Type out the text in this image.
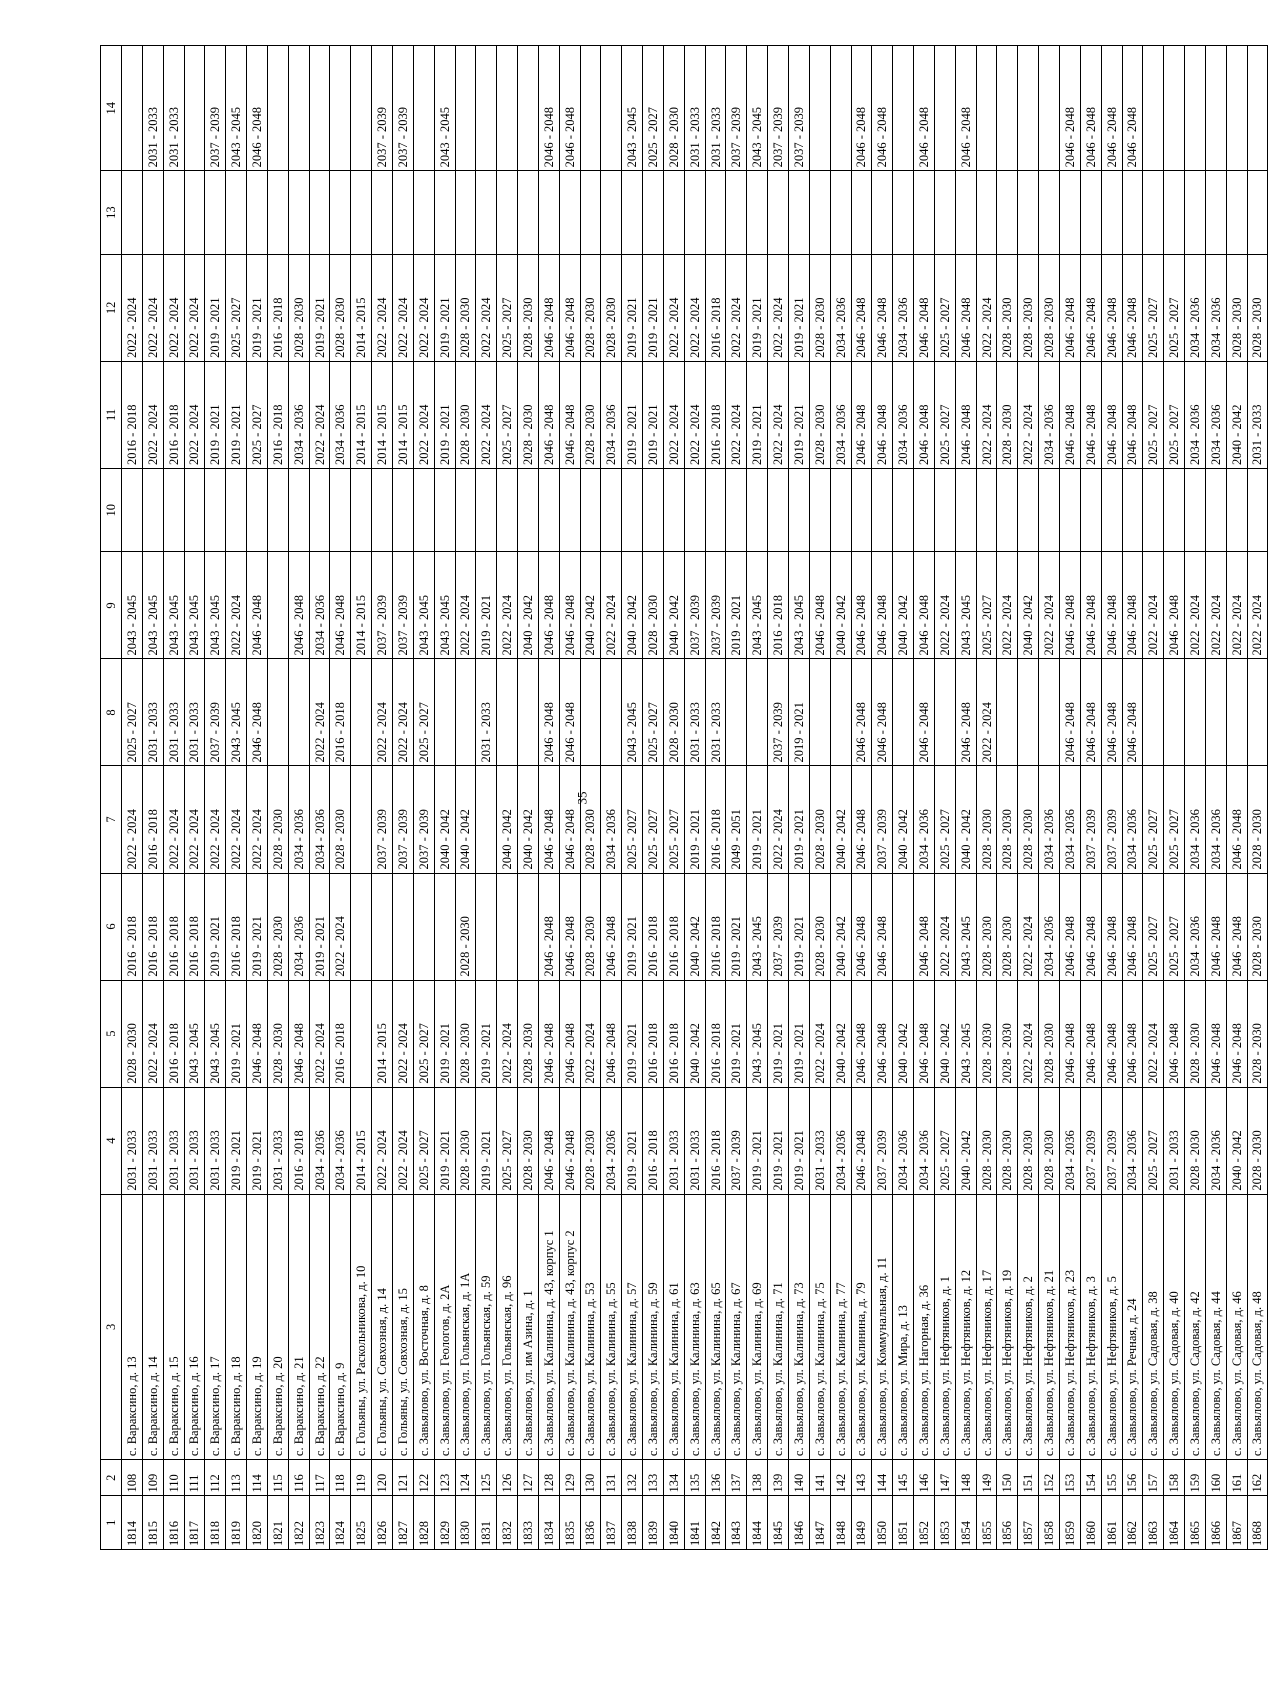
35
1	2	3	4	5	6	7	8	9	10	11	12	13	14
1814	108	с. Вараксино, д. 13	2031 - 2033	2028 - 2030	2016 - 2018	2022 - 2024	2025 - 2027	2043 - 2045		2016 - 2018	2022 - 2024		
1815	109	с. Вараксино, д. 14	2031 - 2033	2022 - 2024	2016 - 2018	2016 - 2018	2031 - 2033	2043 - 2045		2022 - 2024	2022 - 2024		2031 - 2033
1816	110	с. Вараксино, д. 15	2031 - 2033	2016 - 2018	2016 - 2018	2022 - 2024	2031 - 2033	2043 - 2045		2016 - 2018	2022 - 2024		2031 - 2033
1817	111	с. Вараксино, д. 16	2031 - 2033	2043 - 2045	2016 - 2018	2022 - 2024	2031 - 2033	2043 - 2045		2022 - 2024	2022 - 2024		
1818	112	с. Вараксино, д. 17	2031 - 2033	2043 - 2045	2019 - 2021	2022 - 2024	2037 - 2039	2043 - 2045		2019 - 2021	2019 - 2021		2037 - 2039
1819	113	с. Вараксино, д. 18	2019 - 2021	2019 - 2021	2016 - 2018	2022 - 2024	2043 - 2045	2022 - 2024		2019 - 2021	2025 - 2027		2043 - 2045
1820	114	с. Вараксино, д. 19	2019 - 2021	2046 - 2048	2019 - 2021	2022 - 2024	2046 - 2048	2046 - 2048		2025 - 2027	2019 - 2021		2046 - 2048
1821	115	с. Вараксино, д. 20	2031 - 2033	2028 - 2030	2028 - 2030	2028 - 2030				2016 - 2018	2016 - 2018		
1822	116	с. Вараксино, д. 21	2016 - 2018	2046 - 2048	2034 - 2036	2034 - 2036		2046 - 2048		2034 - 2036	2028 - 2030		
1823	117	с. Вараксино, д. 22	2034 - 2036	2022 - 2024	2019 - 2021	2034 - 2036	2022 - 2024	2034 - 2036		2022 - 2024	2019 - 2021		
1824	118	с. Вараксино, д. 9	2034 - 2036	2016 - 2018	2022 - 2024	2028 - 2030	2016 - 2018	2046 - 2048		2034 - 2036	2028 - 2030		
1825	119	с. Гольяны, ул. Раскольникова, д. 10	2014 - 2015					2014 - 2015		2014 - 2015	2014 - 2015		
1826	120	с. Гольяны, ул. Совхозная, д. 14	2022 - 2024	2014 - 2015		2037 - 2039	2022 - 2024	2037 - 2039		2014 - 2015	2022 - 2024		2037 - 2039
1827	121	с. Гольяны, ул. Совхозная, д. 15	2022 - 2024	2022 - 2024		2037 - 2039	2022 - 2024	2037 - 2039		2014 - 2015	2022 - 2024		2037 - 2039
1828	122	с. Завьялово, ул. Восточная, д. 8	2025 - 2027	2025 - 2027		2037 - 2039	2025 - 2027	2043 - 2045		2022 - 2024	2022 - 2024		
1829	123	с. Завьялово, ул. Геологов, д. 2А	2019 - 2021	2019 - 2021		2040 - 2042		2043 - 2045		2019 - 2021	2019 - 2021		2043 - 2045
1830	124	с. Завьялово, ул. Гольянская, д. 1А	2028 - 2030	2028 - 2030	2028 - 2030	2040 - 2042		2022 - 2024		2028 - 2030	2028 - 2030		
1831	125	с. Завьялово, ул. Гольянская, д. 59	2019 - 2021	2019 - 2021			2031 - 2033	2019 - 2021		2022 - 2024	2022 - 2024		
1832	126	с. Завьялово, ул. Гольянская, д. 96	2025 - 2027	2022 - 2024		2040 - 2042		2022 - 2024		2025 - 2027	2025 - 2027		
1833	127	с. Завьялово, ул. им Азина, д. 1	2028 - 2030	2028 - 2030		2040 - 2042		2040 - 2042		2028 - 2030	2028 - 2030		
1834	128	с. Завьялово, ул. Калинина, д. 43, корпус 1	2046 - 2048	2046 - 2048	2046 - 2048	2046 - 2048	2046 - 2048	2046 - 2048		2046 - 2048	2046 - 2048		2046 - 2048
1835	129	с. Завьялово, ул. Калинина, д. 43, корпус 2	2046 - 2048	2046 - 2048	2046 - 2048	2046 - 2048	2046 - 2048	2046 - 2048		2046 - 2048	2046 - 2048		2046 - 2048
1836	130	с. Завьялово, ул. Калинина, д. 53	2028 - 2030	2022 - 2024	2028 - 2030	2028 - 2030		2040 - 2042		2028 - 2030	2028 - 2030		
1837	131	с. Завьялово, ул. Калинина, д. 55	2034 - 2036	2046 - 2048	2046 - 2048	2034 - 2036		2022 - 2024		2034 - 2036	2028 - 2030		
1838	132	с. Завьялово, ул. Калинина, д. 57	2019 - 2021	2019 - 2021	2019 - 2021	2025 - 2027	2043 - 2045	2040 - 2042		2019 - 2021	2019 - 2021		2043 - 2045
1839	133	с. Завьялово, ул. Калинина, д. 59	2016 - 2018	2016 - 2018	2016 - 2018	2025 - 2027	2025 - 2027	2028 - 2030		2019 - 2021	2019 - 2021		2025 - 2027
1840	134	с. Завьялово, ул. Калинина, д. 61	2031 - 2033	2016 - 2018	2016 - 2018	2025 - 2027	2028 - 2030	2040 - 2042		2022 - 2024	2022 - 2024		2028 - 2030
1841	135	с. Завьялово, ул. Калинина, д. 63	2031 - 2033	2040 - 2042	2040 - 2042	2019 - 2021	2031 - 2033	2037 - 2039		2022 - 2024	2022 - 2024		2031 - 2033
1842	136	с. Завьялово, ул. Калинина, д. 65	2016 - 2018	2016 - 2018	2016 - 2018	2016 - 2018	2031 - 2033	2037 - 2039		2016 - 2018	2016 - 2018		2031 - 2033
1843	137	с. Завьялово, ул. Калинина, д. 67	2037 - 2039	2019 - 2021	2019 - 2021	2049 - 2051		2019 - 2021		2022 - 2024	2022 - 2024		2037 - 2039
1844	138	с. Завьялово, ул. Калинина, д. 69	2019 - 2021	2043 - 2045	2043 - 2045	2019 - 2021		2043 - 2045		2019 - 2021	2019 - 2021		2043 - 2045
1845	139	с. Завьялово, ул. Калинина, д. 71	2019 - 2021	2019 - 2021	2037 - 2039	2022 - 2024	2037 - 2039	2016 - 2018		2022 - 2024	2022 - 2024		2037 - 2039
1846	140	с. Завьялово, ул. Калинина, д. 73	2019 - 2021	2019 - 2021	2019 - 2021	2019 - 2021	2019 - 2021	2043 - 2045		2019 - 2021	2019 - 2021		2037 - 2039
1847	141	с. Завьялово, ул. Калинина, д. 75	2031 - 2033	2022 - 2024	2028 - 2030	2028 - 2030		2046 - 2048		2028 - 2030	2028 - 2030		
1848	142	с. Завьялово, ул. Калинина, д. 77	2034 - 2036	2040 - 2042	2040 - 2042	2040 - 2042		2040 - 2042		2034 - 2036	2034 - 2036		
1849	143	с. Завьялово, ул. Калинина, д. 79	2046 - 2048	2046 - 2048	2046 - 2048	2046 - 2048	2046 - 2048	2046 - 2048		2046 - 2048	2046 - 2048		2046 - 2048
1850	144	с. Завьялово, ул. Коммунальная, д. 11	2037 - 2039	2046 - 2048	2046 - 2048	2037 - 2039	2046 - 2048	2046 - 2048		2046 - 2048	2046 - 2048		2046 - 2048
1851	145	с. Завьялово, ул. Мира, д. 13	2034 - 2036	2040 - 2042		2040 - 2042		2040 - 2042		2034 - 2036	2034 - 2036		
1852	146	с. Завьялово, ул. Нагорная, д. 36	2034 - 2036	2046 - 2048	2046 - 2048	2034 - 2036	2046 - 2048	2046 - 2048		2046 - 2048	2046 - 2048		2046 - 2048
1853	147	с. Завьялово, ул. Нефтяников, д. 1	2025 - 2027	2040 - 2042	2022 - 2024	2025 - 2027		2022 - 2024		2025 - 2027	2025 - 2027		
1854	148	с. Завьялово, ул. Нефтяников, д. 12	2040 - 2042	2043 - 2045	2043 - 2045	2040 - 2042	2046 - 2048	2043 - 2045		2046 - 2048	2046 - 2048		2046 - 2048
1855	149	с. Завьялово, ул. Нефтяников, д. 17	2028 - 2030	2028 - 2030	2028 - 2030	2028 - 2030	2022 - 2024	2025 - 2027		2022 - 2024	2022 - 2024		
1856	150	с. Завьялово, ул. Нефтяников, д. 19	2028 - 2030	2028 - 2030	2028 - 2030	2028 - 2030		2022 - 2024		2028 - 2030	2028 - 2030		
1857	151	с. Завьялово, ул. Нефтяников, д. 2	2028 - 2030	2022 - 2024	2022 - 2024	2028 - 2030		2040 - 2042		2022 - 2024	2028 - 2030		
1858	152	с. Завьялово, ул. Нефтяников, д. 21	2028 - 2030	2028 - 2030	2034 - 2036	2034 - 2036		2022 - 2024		2034 - 2036	2028 - 2030		
1859	153	с. Завьялово, ул. Нефтяников, д. 23	2034 - 2036	2046 - 2048	2046 - 2048	2034 - 2036	2046 - 2048	2046 - 2048		2046 - 2048	2046 - 2048		2046 - 2048
1860	154	с. Завьялово, ул. Нефтяников, д. 3	2037 - 2039	2046 - 2048	2046 - 2048	2037 - 2039	2046 - 2048	2046 - 2048		2046 - 2048	2046 - 2048		2046 - 2048
1861	155	с. Завьялово, ул. Нефтяников, д. 5	2037 - 2039	2046 - 2048	2046 - 2048	2037 - 2039	2046 - 2048	2046 - 2048		2046 - 2048	2046 - 2048		2046 - 2048
1862	156	с. Завьялово, ул. Речная, д. 24	2034 - 2036	2046 - 2048	2046 - 2048	2034 - 2036	2046 - 2048	2046 - 2048		2046 - 2048	2046 - 2048		2046 - 2048
1863	157	с. Завьялово, ул. Садовая, д. 38	2025 - 2027	2022 - 2024	2025 - 2027	2025 - 2027		2022 - 2024		2025 - 2027	2025 - 2027		
1864	158	с. Завьялово, ул. Садовая, д. 40	2031 - 2033	2046 - 2048	2025 - 2027	2025 - 2027		2046 - 2048		2025 - 2027	2025 - 2027		
1865	159	с. Завьялово, ул. Садовая, д. 42	2028 - 2030	2028 - 2030	2034 - 2036	2034 - 2036		2022 - 2024		2034 - 2036	2034 - 2036		
1866	160	с. Завьялово, ул. Садовая, д. 44	2034 - 2036	2046 - 2048	2046 - 2048	2034 - 2036		2022 - 2024		2034 - 2036	2034 - 2036		
1867	161	с. Завьялово, ул. Садовая, д. 46	2040 - 2042	2046 - 2048	2046 - 2048	2046 - 2048		2022 - 2024		2040 - 2042	2028 - 2030		
1868	162	с. Завьялово, ул. Садовая, д. 48	2028 - 2030	2028 - 2030	2028 - 2030	2028 - 2030		2022 - 2024		2031 - 2033	2028 - 2030		
